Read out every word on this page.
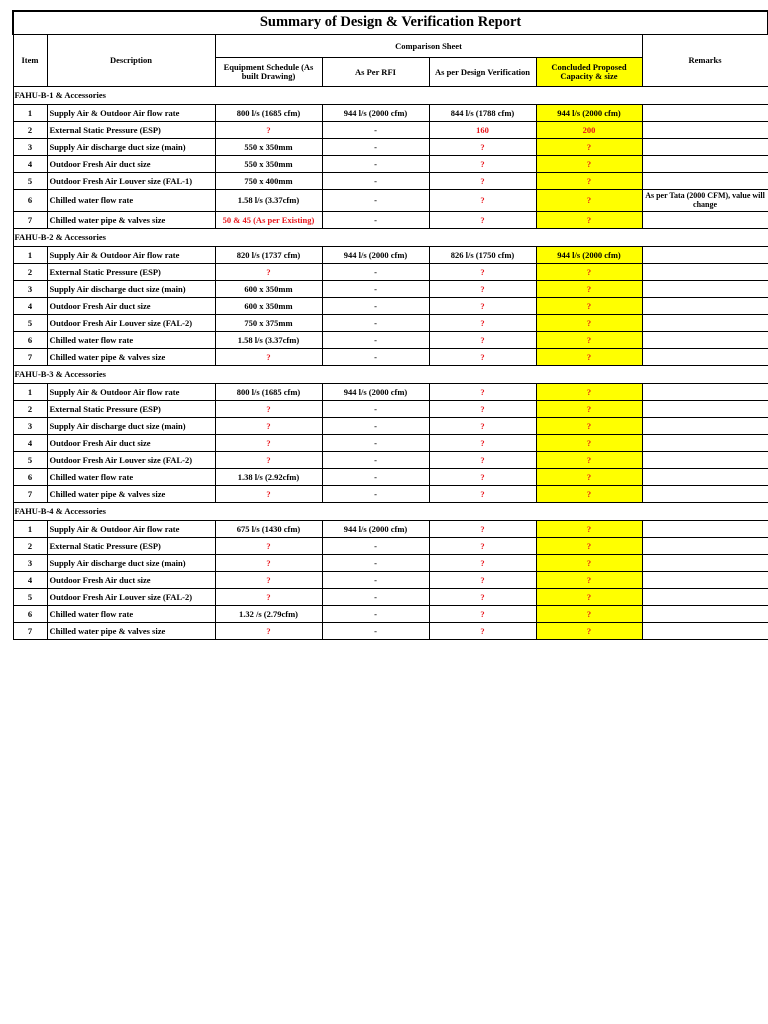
Summary of Design & Verification Report						
Item	Description	Comparison Sheet				Remarks
		Equipment Schedule (As built Drawing)	As Per RFI	As per Design Verification	Concluded Proposed Capacity & size	
FAHU-B-1 & Accessories						
1	Supply Air & Outdoor Air flow rate	800 l/s (1685 cfm)	944 l/s (2000 cfm)	844 l/s (1788 cfm)	944 l/s (2000 cfm)	
2	External Static Pressure (ESP)	?	-	160	200	
3	Supply Air discharge duct size (main)	550 x 350mm	-	?	?	
4	Outdoor Fresh Air duct size	550 x 350mm	-	?	?	
5	Outdoor Fresh Air Louver size (FAL-1)	750 x 400mm	-	?	?	
6	Chilled water flow rate	1.58 l/s (3.37cfm)	-	?	?	As per Tata (2000 CFM), value will change
7	Chilled water pipe & valves size	50 & 45 (As per Existing)	-	?	?	
FAHU-B-2 & Accessories						
1	Supply Air & Outdoor Air flow rate	820 l/s (1737 cfm)	944 l/s (2000 cfm)	826 l/s (1750 cfm)	944 l/s (2000 cfm)	
2	External Static Pressure (ESP)	?	-	?	?	
3	Supply Air discharge duct size (main)	600 x 350mm	-	?	?	
4	Outdoor Fresh Air duct size	600 x 350mm	-	?	?	
5	Outdoor Fresh Air Louver size (FAL-2)	750 x 375mm	-	?	?	
6	Chilled water flow rate	1.58 l/s (3.37cfm)	-	?	?	
7	Chilled water pipe & valves size	?	-	?	?	
FAHU-B-3 & Accessories						
1	Supply Air & Outdoor Air flow rate	800 l/s (1685 cfm)	944 l/s (2000 cfm)	?	?	
2	External Static Pressure (ESP)	?	-	?	?	
3	Supply Air discharge duct size (main)	?	-	?	?	
4	Outdoor Fresh Air duct size	?	-	?	?	
5	Outdoor Fresh Air Louver size (FAL-2)	?	-	?	?	
6	Chilled water flow rate	1.38 l/s (2.92cfm)	-	?	?	
7	Chilled water pipe & valves size	?	-	?	?	
FAHU-B-4 & Accessories						
1	Supply Air & Outdoor Air flow rate	675 l/s (1430 cfm)	944 l/s (2000 cfm)	?	?	
2	External Static Pressure (ESP)	?	-	?	?	
3	Supply Air discharge duct size (main)	?	-	?	?	
4	Outdoor Fresh Air duct size	?	-	?	?	
5	Outdoor Fresh Air Louver size (FAL-2)	?	-	?	?	
6	Chilled water flow rate	1.32 /s (2.79cfm)	-	?	?	
7	Chilled water pipe & valves size	?	-	?	?	
